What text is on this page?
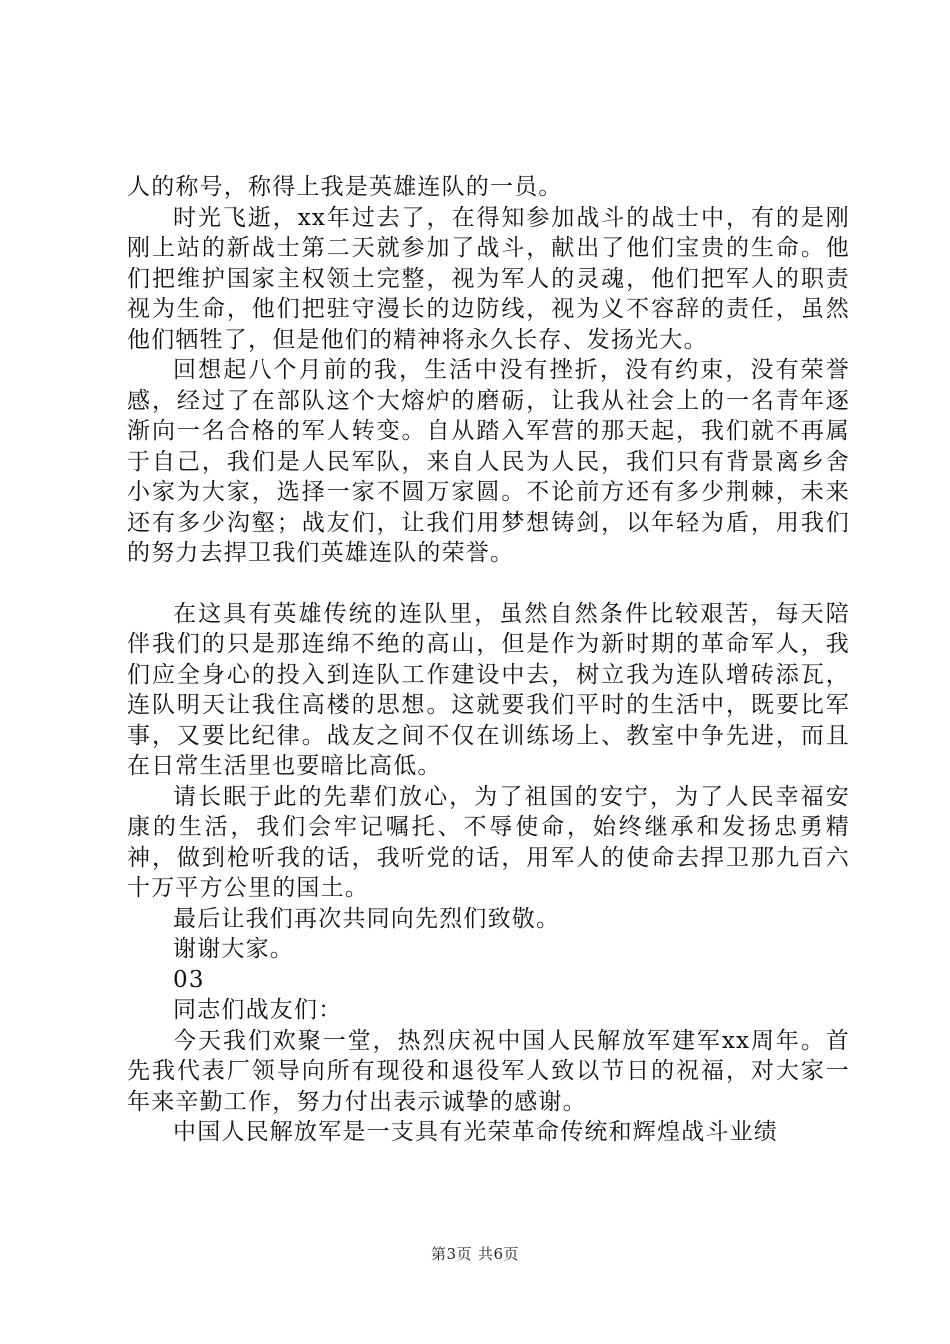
人的称号，称得上我是英雄连队的一员。

时光飞逝，xx年过去了，在得知参加战斗的战士中，有的是刚刚上站的新战士第二天就参加了战斗，献出了他们宝贵的生命。他们把维护国家主权领土完整，视为军人的灵魂，他们把军人的职责视为生命，他们把驻守漫长的边防线，视为义不容辞的责任，虽然他们牺牲了，但是他们的精神将永久长存、发扬光大。

回想起八个月前的我，生活中没有挫折，没有约束，没有荣誉感，经过了在部队这个大熔炉的磨砺，让我从社会上的一名青年逐渐向一名合格的军人转变。自从踏入军营的那天起，我们就不再属于自己，我们是人民军队，来自人民为人民，我们只有背景离乡舍小家为大家，选择一家不圆万家圆。不论前方还有多少荆棘，未来还有多少沟壑；战友们，让我们用梦想铸剑，以年轻为盾，用我们的努力去捍卫我们英雄连队的荣誉。

在这具有英雄传统的连队里，虽然自然条件比较艰苦，每天陪伴我们的只是那连绵不绝的高山，但是作为新时期的革命军人，我们应全身心的投入到连队工作建设中去，树立我为连队增砖添瓦，连队明天让我住高楼的思想。这就要我们平时的生活中，既要比军事，又要比纪律。战友之间不仅在训练场上、教室中争先进，而且在日常生活里也要暗比高低。

请长眠于此的先辈们放心，为了祖国的安宁，为了人民幸福安康的生活，我们会牢记嘱托、不辱使命，始终继承和发扬忠勇精神，做到枪听我的话，我听党的话，用军人的使命去捍卫那九百六十万平方公里的国土。

最后让我们再次共同向先烈们致敬。

谢谢大家。

03

同志们战友们：

今天我们欢聚一堂，热烈庆祝中国人民解放军建军xx周年。首先我代表厂领导向所有现役和退役军人致以节日的祝福，对大家一年来辛勤工作，努力付出表示诚挚的感谢。

中国人民解放军是一支具有光荣革命传统和辉煌战斗业绩

第3页 共6页
